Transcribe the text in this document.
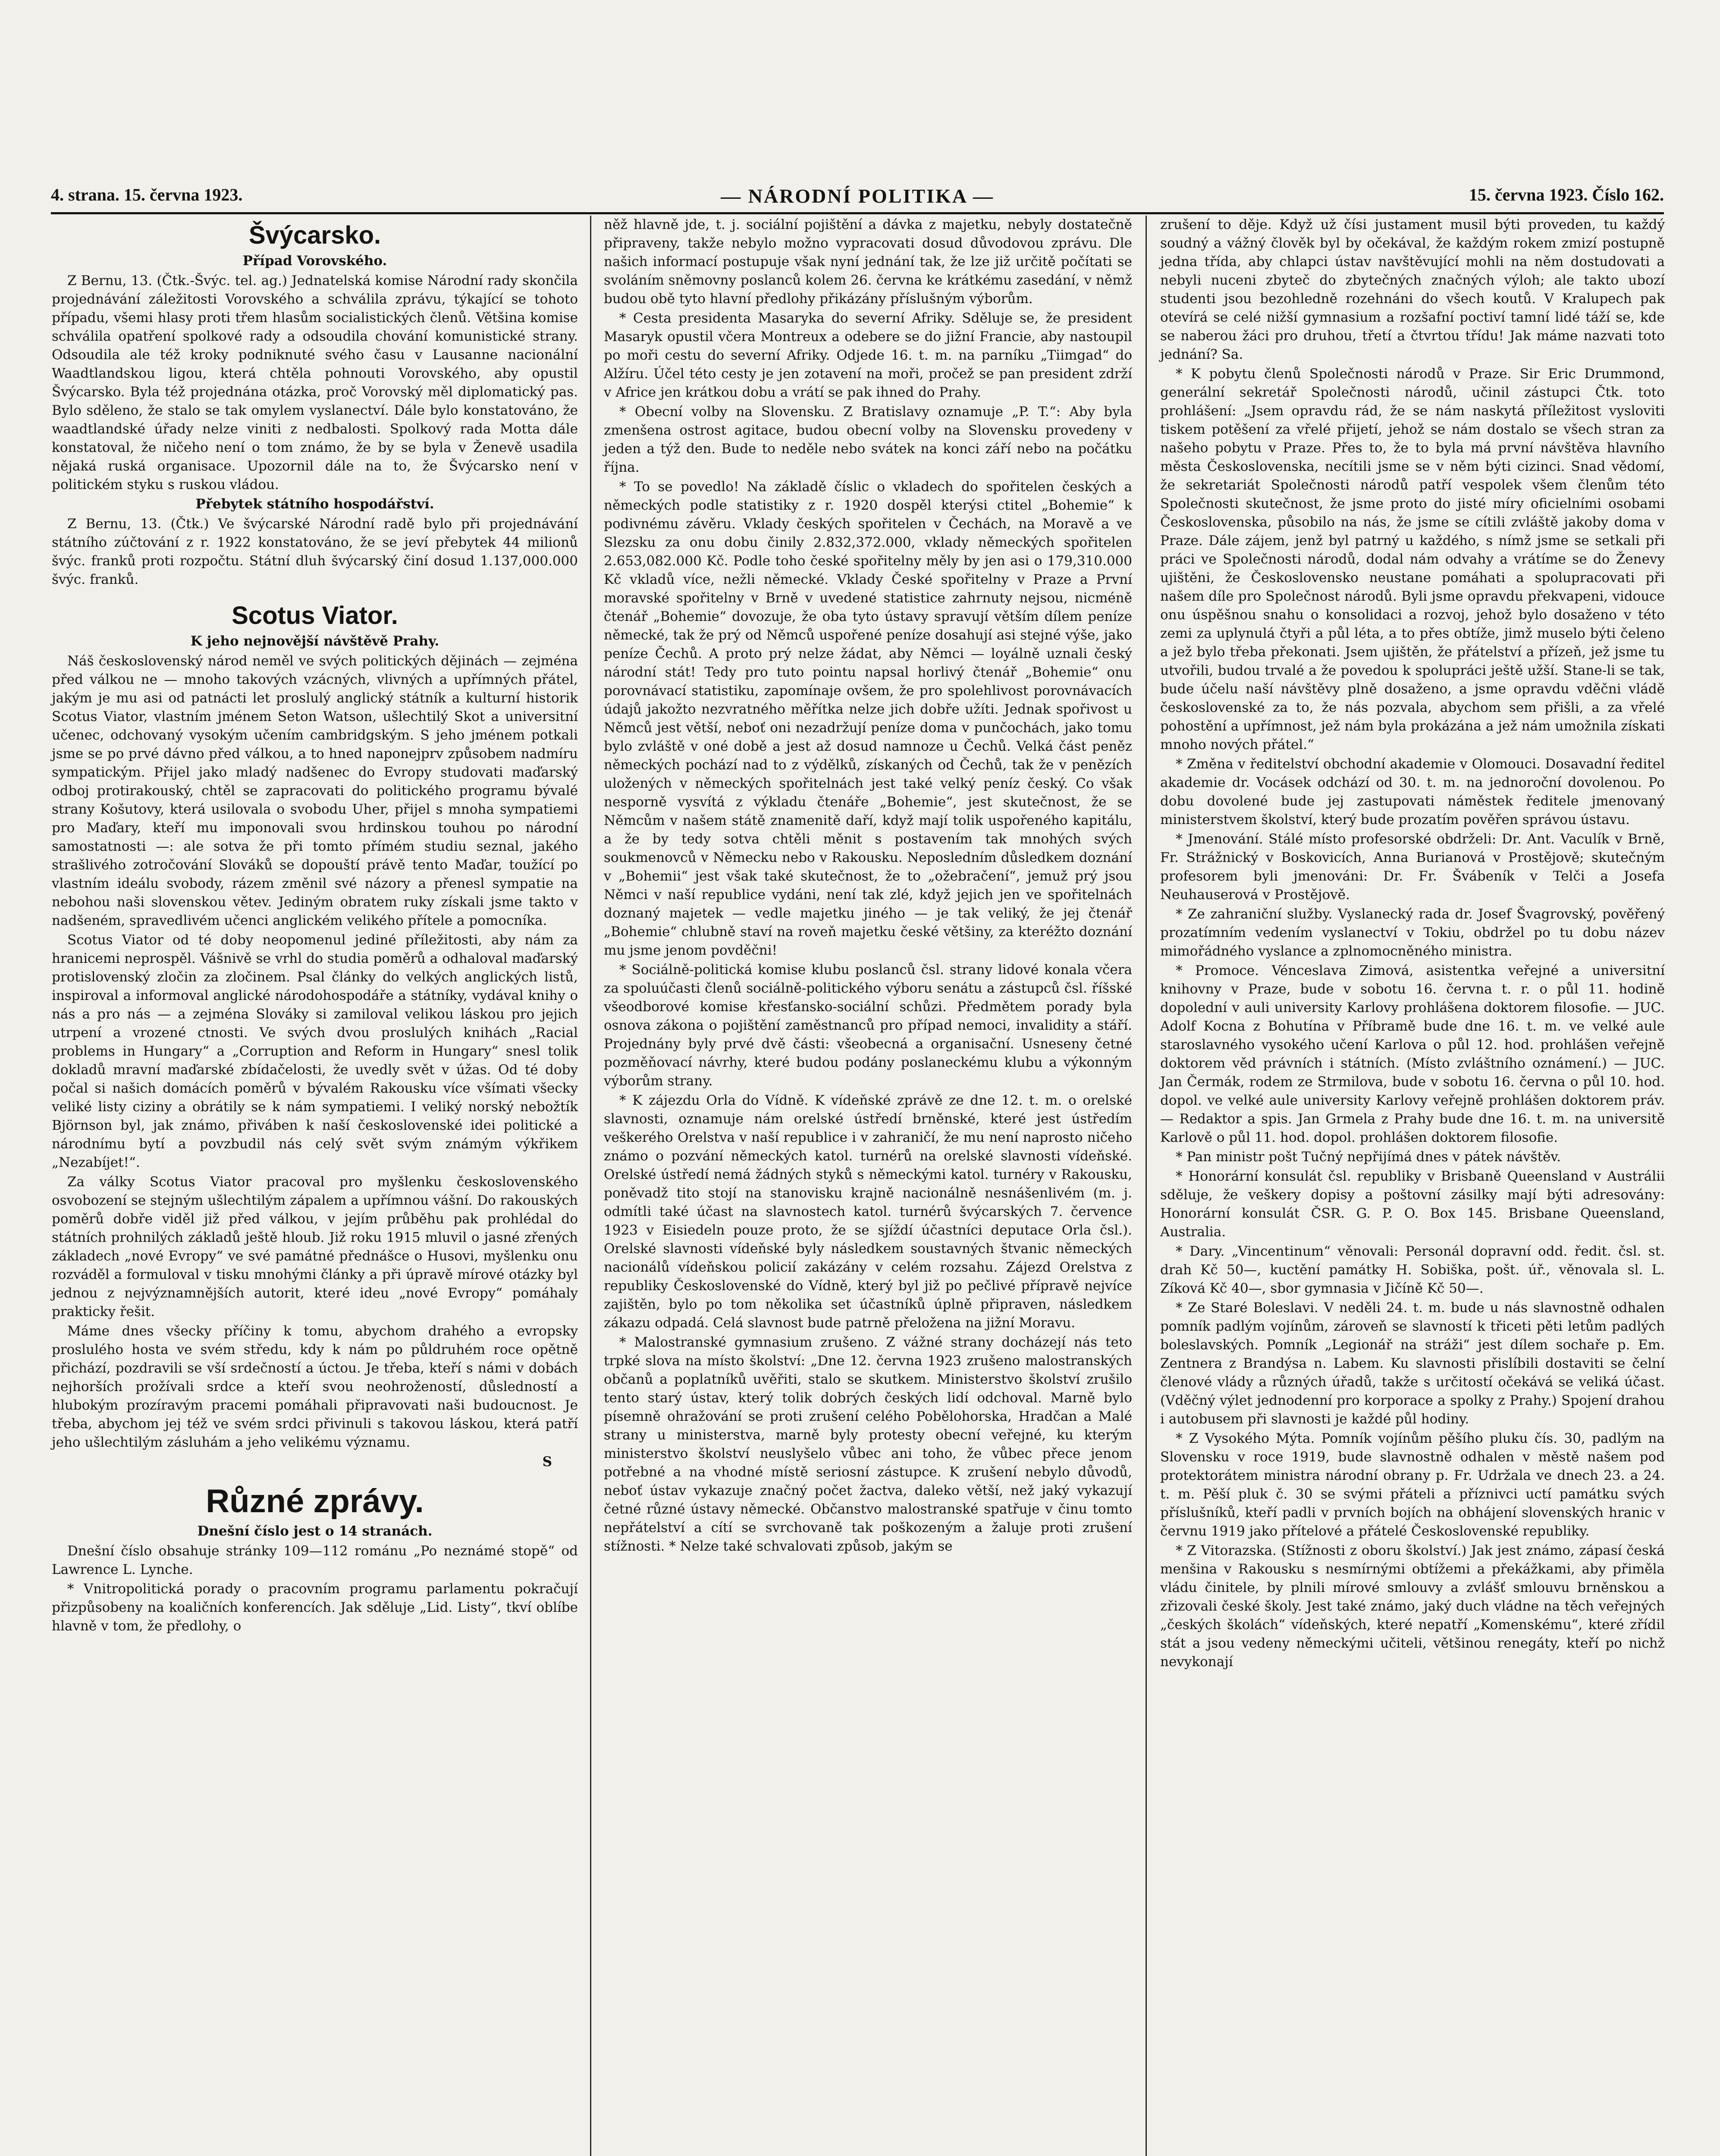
4. strana. 15. června 1923.	— NÁRODNÍ POLITIKA —	15. června 1923. Číslo 162.
Švýcarsko.
Případ Vorovského.

Z Bernu, 13. (Čtk.-Švýc. tel. ag.) Jednatelská komise Národní rady skončila projednávání záležitosti Vorovského a schválila zprávu, týkající se tohoto případu, všemi hlasy proti třem hlasům socialistických členů. Většina komise schválila opatření spolkové rady a odsoudila chování komunistické strany. Odsoudila ale též kroky podniknuté svého času v Lausanne nacionální Waadtlandskou ligou, která chtěla pohnouti Vorovského, aby opustil Švýcarsko. Byla též projednána otázka, proč Vorovský měl diplomatický pas. Bylo sděleno, že stalo se tak omylem vyslanectví. Dále bylo konstatováno, že waadtlandské úřady nelze viniti z nedbalosti. Spolkový rada Motta dále konstatoval, že ničeho není o tom známo, že by se byla v Ženevě usadila nějaká ruská organisace. Upozornil dále na to, že Švýcarsko není v politickém styku s ruskou vládou.

Přebytek státního hospodářství.

Z Bernu, 13. (Čtk.) Ve švýcarské Národní radě bylo při projednávání státního zúčtování z r. 1922 konstatováno, že se jeví přebytek 44 milionů švýc. franků proti rozpočtu. Státní dluh švýcarský činí dosud 1.137,000.000 švýc. franků.

Scotus Viator.
K jeho nejnovější návštěvě Prahy.

Náš československý národ neměl ve svých politických dějinách — zejména před válkou ne — mnoho takových vzácných, vlivných a upřímných přátel, jakým je mu asi od patnácti let proslulý anglický státník a kulturní historik Scotus Viator, vlastním jménem Seton Watson, ušlechtilý Skot a universitní učenec, odchovaný vysokým učením cambridgským. S jeho jménem potkali jsme se po prvé dávno před válkou, a to hned naponejprv způsobem nadmíru sympatickým. Přijel jako mladý nadšenec do Evropy studovati maďarský odboj protirakouský, chtěl se zapracovati do politického programu bývalé strany Košutovy, která usilovala o svobodu Uher, přijel s mnoha sympatiemi pro Maďary, kteří mu imponovali svou hrdinskou touhou po národní samostatnosti —: ale sotva že při tomto přímém studiu seznal, jakého strašlivého zotročování Slováků se dopouští právě tento Maďar, toužící po vlastním ideálu svobody, rázem změnil své názory a přenesl sympatie na nebohou naši slovenskou větev. Jediným obratem ruky získali jsme takto v nadšeném, spravedlivém učenci anglickém velikého přítele a pomocníka.

Scotus Viator od té doby neopomenul jediné příležitosti, aby nám za hranicemi neprospěl. Vášnivě se vrhl do studia poměrů a odhaloval maďarský protislovenský zločin za zločinem. Psal články do velkých anglických listů, inspiroval a informoval anglické národohospodáře a státníky, vydával knihy o nás a pro nás — a zejména Slováky si zamiloval velikou láskou pro jejich utrpení a vrozené ctnosti. Ve svých dvou proslulých knihách „Racial problems in Hungary“ a „Corruption and Reform in Hungary“ snesl tolik dokladů mravní maďarské zbídačelosti, že uvedly svět v úžas. Od té doby počal si našich domácích poměrů v bývalém Rakousku více všímati všecky veliké listy ciziny a obrátily se k nám sympatiemi. I veliký norský nebožtík Björnson byl, jak známo, přiváben k naší československé idei politické a národnímu bytí a povzbudil nás celý svět svým známým výkřikem „Nezabíjet!“.

Za války Scotus Viator pracoval pro myšlenku československého osvobození se stejným ušlechtilým zápalem a upřímnou vášní. Do rakouských poměrů dobře viděl již před válkou, v jejím průběhu pak prohlédal do státních prohnilých základů ještě hloub. Již roku 1915 mluvil o jasné zřených základech „nové Evropy“ ve své památné přednášce o Husovi, myšlenku onu rozváděl a formuloval v tisku mnohými články a při úpravě mírové otázky byl jednou z nejvýznamnějších autorit, které ideu „nové Evropy“ pomáhaly prakticky řešit.

Máme dnes všecky příčiny k tomu, abychom drahého a evropsky proslulého hosta ve svém středu, kdy k nám po půldruhém roce opětně přichází, pozdravili se vší srdečností a úctou. Je třeba, kteří s námi v dobách nejhorších prožívali srdce a kteří svou neohrožeností, důsledností a hlubokým prozíravým pracemi pomáhali připravovati naši budoucnost. Je třeba, abychom jej též ve svém srdci přivinuli s takovou láskou, která patří jeho ušlechtilým zásluhám a jeho velikému významu.

S
Různé zprávy.
Dnešní číslo jest o 14 stranách.

Dnešní číslo obsahuje stránky 109—112 románu „Po neznámé stopě“ od Lawrence L. Lynche.

* Vnitropolitická porady o pracovním programu parlamentu pokračují přizpůsobeny na koaličních konferencích. Jak sděluje „Lid. Listy“, tkví oblíbe hlavně v tom, že předlohy, o

něž hlavně jde, t. j. sociální pojištění a dávka z majetku, nebyly dostatečně připraveny, takže nebylo možno vypracovati dosud důvodovou zprávu. Dle našich informací postupuje však nyní jednání tak, že lze již určitě počítati se svoláním sněmovny poslanců kolem 26. června ke krátkému zasedání, v němž budou obě tyto hlavní předlohy přikázány příslušným výborům.

* Cesta presidenta Masaryka do severní Afriky. Sděluje se, že president Masaryk opustil včera Montreux a odebere se do jižní Francie, aby nastoupil po moři cestu do severní Afriky. Odjede 16. t. m. na parníku „Tiimgad“ do Alžíru. Účel této cesty je jen zotavení na moři, pročež se pan president zdrží v Africe jen krátkou dobu a vrátí se pak ihned do Prahy.

* Obecní volby na Slovensku. Z Bratislavy oznamuje „P. T.“: Aby byla zmenšena ostrost agitace, budou obecní volby na Slovensku provedeny v jeden a týž den. Bude to neděle nebo svátek na konci září nebo na počátku října.

* To se povedlo! Na základě číslic o vkladech do spořitelen českých a německých podle statistiky z r. 1920 dospěl kterýsi ctitel „Bohemie“ k podivnému závěru. Vklady českých spořitelen v Čechách, na Moravě a ve Slezsku za onu dobu činily 2.832,372.000, vklady německých spořitelen 2.653,082.000 Kč. Podle toho české spořitelny měly by jen asi o 179,310.000 Kč vkladů více, nežli německé. Vklady České spořitelny v Praze a První moravské spořitelny v Brně v uvedené statistice zahrnuty nejsou, nicméně čtenář „Bohemie“ dovozuje, že oba tyto ústavy spravují větším dílem peníze německé, tak že prý od Němců uspořené peníze dosahují asi stejné výše, jako peníze Čechů. A proto prý nelze žádat, aby Němci — loyálně uznali český národní stát! Tedy pro tuto pointu napsal horlivý čtenář „Bohemie“ onu porovnávací statistiku, zapomínaje ovšem, že pro spolehlivost porovnávacích údajů jakožto nezvratného měřítka nelze jich dobře užíti. Jednak spořivost u Němců jest větší, neboť oni nezadržují peníze doma v punčochách, jako tomu bylo zvláště v oné době a jest až dosud namnoze u Čechů. Velká část peněz německých pochází nad to z výdělků, získaných od Čechů, tak že v penězích uložených v německých spořitelnách jest také velký peníz český. Co však nesporně vysvítá z výkladu čtenáře „Bohemie“, jest skutečnost, že se Němcům v našem státě znamenitě daří, když mají tolik uspořeného kapitálu, a že by tedy sotva chtěli měnit s postavením tak mnohých svých soukmenovců v Německu nebo v Rakousku. Neposledním důsledkem doznání v „Bohemii“ jest však také skutečnost, že to „ožebračení“, jemuž prý jsou Němci v naší republice vydáni, není tak zlé, když jejich jen ve spořitelnách doznaný majetek — vedle majetku jiného — je tak veliký, že jej čtenář „Bohemie“ chlubně staví na roveň majetku české většiny, za kteréžto doznání mu jsme jenom povděčni!

* Sociálně-politická komise klubu poslanců čsl. strany lidové konala včera za spoluúčasti členů sociálně-politického výboru senátu a zástupců čsl. říšské všeodborové komise křesťansko-sociální schůzi. Předmětem porady byla osnova zákona o pojištění zaměstnanců pro případ nemoci, invalidity a stáří. Projednány byly prvé dvě části: všeobecná a organisační. Usneseny četné pozměňovací návrhy, které budou podány poslaneckému klubu a výkonným výborům strany.

* K zájezdu Orla do Vídně. K vídeňské zprávě ze dne 12. t. m. o orelské slavnosti, oznamuje nám orelské ústředí brněnské, které jest ústředím veškerého Orelstva v naší republice i v zahraničí, že mu není naprosto ničeho známo o pozvání německých katol. turnérů na orelské slavnosti vídeňské. Orelské ústředí nemá žádných styků s německými katol. turnéry v Rakousku, poněvadž tito stojí na stanovisku krajně nacionálně nesnášenlivém (m. j. odmítli také účast na slavnostech katol. turnérů švýcarských 7. července 1923 v Eisiedeln pouze proto, že se sjíždí účastníci deputace Orla čsl.). Orelské slavnosti vídeňské byly následkem soustavných štvanic německých nacionálů vídeňskou policií zakázány v celém rozsahu. Zájezd Orelstva z republiky Československé do Vídně, který byl již po pečlivé přípravě nejvíce zajištěn, bylo po tom několika set účastníků úplně připraven, následkem zákazu odpadá. Celá slavnost bude patrně přeložena na jižní Moravu.

* Malostranské gymnasium zrušeno. Z vážné strany docházejí nás teto trpké slova na místo školství: „Dne 12. června 1923 zrušeno malostranských občanů a poplatníků uvěřiti, stalo se skutkem. Ministerstvo školství zrušilo tento starý ústav, který tolik dobrých českých lidí odchoval. Marně bylo písemně ohražování se proti zrušení celého Pobělohorska, Hradčan a Malé strany u ministerstva, marně byly protesty obecní veřejné, ku kterým ministerstvo školství neuslyšelo vůbec ani toho, že vůbec přece jenom potřebné a na vhodné místě seriosní zástupce. K zrušení nebylo důvodů, neboť ústav vykazuje značný počet žactva, daleko větší, než jaký vykazují četné různé ústavy německé. Občanstvo malostranské spatřuje v činu tomto nepřátelství a cítí se svrchovaně tak poškozeným a žaluje proti zrušení stížnosti. * Nelze také schvalovati způsob, jakým se

zrušení to děje. Když už čísi justament musil býti proveden, tu každý soudný a vážný člověk byl by očekával, že každým rokem zmizí postupně jedna třída, aby chlapci ústav navštěvující mohli na něm dostudovati a nebyli nuceni zbyteč do zbytečných značných výloh; ale takto ubozí studenti jsou bezohledně rozehnáni do všech koutů. V Kralupech pak otevírá se celé nižší gymnasium a rozšafní poctiví tamní lidé táží se, kde se naberou žáci pro druhou, třetí a čtvrtou třídu! Jak máme nazvati toto jednání? Sa.

* K pobytu členů Společnosti národů v Praze. Sir Eric Drummond, generální sekretář Společnosti národů, učinil zástupci Čtk. toto prohlášení: „Jsem opravdu rád, že se nám naskytá příležitost vysloviti tiskem potěšení za vřelé přijetí, jehož se nám dostalo se všech stran za našeho pobytu v Praze. Přes to, že to byla má první návštěva hlavního města Československa, necítili jsme se v něm býti cizinci. Snad vědomí, že sekretariát Společnosti národů patří vespolek všem členům této Společnosti skutečnost, že jsme proto do jisté míry oficielními osobami Československa, působilo na nás, že jsme se cítili zvláště jakoby doma v Praze. Dále zájem, jenž byl patrný u každého, s nímž jsme se setkali při práci ve Společnosti národů, dodal nám odvahy a vrátíme se do Ženevy ujištěni, že Československo neustane pomáhati a spolupracovati při našem díle pro Společnost národů. Byli jsme opravdu překvapeni, vidouce onu úspěšnou snahu o konsolidaci a rozvoj, jehož bylo dosaženo v této zemi za uplynulá čtyři a půl léta, a to přes obtíže, jimž muselo býti čeleno a jež bylo třeba překonati. Jsem ujištěn, že přátelství a přízeň, jež jsme tu utvořili, budou trvalé a že povedou k spolupráci ještě užší. Stane-li se tak, bude účelu naší návštěvy plně dosaženo, a jsme opravdu vděčni vládě československé za to, že nás pozvala, abychom sem přišli, a za vřelé pohostění a upřímnost, jež nám byla prokázána a jež nám umožnila získati mnoho nových přátel.“

* Změna v ředitelství obchodní akademie v Olomouci. Dosavadní ředitel akademie dr. Vocásek odchází od 30. t. m. na jednoroční dovolenou. Po dobu dovolené bude jej zastupovati náměstek ředitele jmenovaný ministerstvem školství, který bude prozatím pověřen správou ústavu.

* Jmenování. Stálé místo profesorské obdrželi: Dr. Ant. Vaculík v Brně, Fr. Strážnický v Boskovicích, Anna Burianová v Prostějově; skutečným profesorem byli jmenováni: Dr. Fr. Švábeník v Telči a Josefa Neuhauserová v Prostějově.

* Ze zahraniční služby. Vyslanecký rada dr. Josef Švagrovský, pověřený prozatímním vedením vyslanectví v Tokiu, obdržel po tu dobu název mimořádného vyslance a zplnomocněného ministra.

* Promoce. Vénceslava Zimová, asistentka veřejné a universitní knihovny v Praze, bude v sobotu 16. června t. r. o půl 11. hodině dopolední v auli university Karlovy prohlášena doktorem filosofie. — JUC. Adolf Kocna z Bohutína v Příbramě bude dne 16. t. m. ve velké aule staroslavného vysokého učení Karlova o půl 12. hod. prohlášen veřejně doktorem věd právních i státních. (Místo zvláštního oznámení.) — JUC. Jan Čermák, rodem ze Strmilova, bude v sobotu 16. června o půl 10. hod. dopol. ve velké aule university Karlovy veřejně prohlášen doktorem práv. — Redaktor a spis. Jan Grmela z Prahy bude dne 16. t. m. na universitě Karlově o půl 11. hod. dopol. prohlášen doktorem filosofie.

* Pan ministr pošt Tučný nepřijímá dnes v pátek návštěv.

* Honorární konsulát čsl. republiky v Brisbaně Queensland v Austrálii sděluje, že veškery dopisy a poštovní zásilky mají býti adresovány: Honorární konsulát ČSR. G. P. O. Box 145. Brisbane Queensland, Australia.

* Dary. „Vincentinum“ věnovali: Personál dopravní odd. ředit. čsl. st. drah Kč 50—, kuctění památky H. Sobiška, pošt. úř., věnovala sl. L. Zíková Kč 40—, sbor gymnasia v Jičíně Kč 50—.

* Ze Staré Boleslavi. V neděli 24. t. m. bude u nás slavnostně odhalen pomník padlým vojínům, zároveň se slavností k třiceti pěti letům padlých boleslavských. Pomník „Legionář na stráži“ jest dílem sochaře p. Em. Zentnera z Brandýsa n. Labem. Ku slavnosti přislíbili dostaviti se čelní členové vlády a různých úřadů, takže s určitostí očekává se veliká účast. (Vděčný výlet jednodenní pro korporace a spolky z Prahy.) Spojení drahou i autobusem při slavnosti je každé půl hodiny.

* Z Vysokého Mýta. Pomník vojínům pěšího pluku čís. 30, padlým na Slovensku v roce 1919, bude slavnostně odhalen v městě našem pod protektorátem ministra národní obrany p. Fr. Udržala ve dnech 23. a 24. t. m. Pěší pluk č. 30 se svými přáteli a příznivci uctí památku svých příslušníků, kteří padli v prvních bojích na obhájení slovenských hranic v červnu 1919 jako přítelové a přátelé Československé republiky.

* Z Vitorazska. (Stížnosti z oboru školství.) Jak jest známo, zápasí česká menšina v Rakousku s nesmírnými obtížemi a překážkami, aby přiměla vládu činitele, by plnili mírové smlouvy a zvlášť smlouvu brněnskou a zřizovali české školy. Jest také známo, jaký duch vládne na těch veřejných „českých školách“ vídeňských, které nepatří „Komenskému“, které zřídil stát a jsou vedeny německými učiteli, většinou renegáty, kteří po nichž nevykonají
